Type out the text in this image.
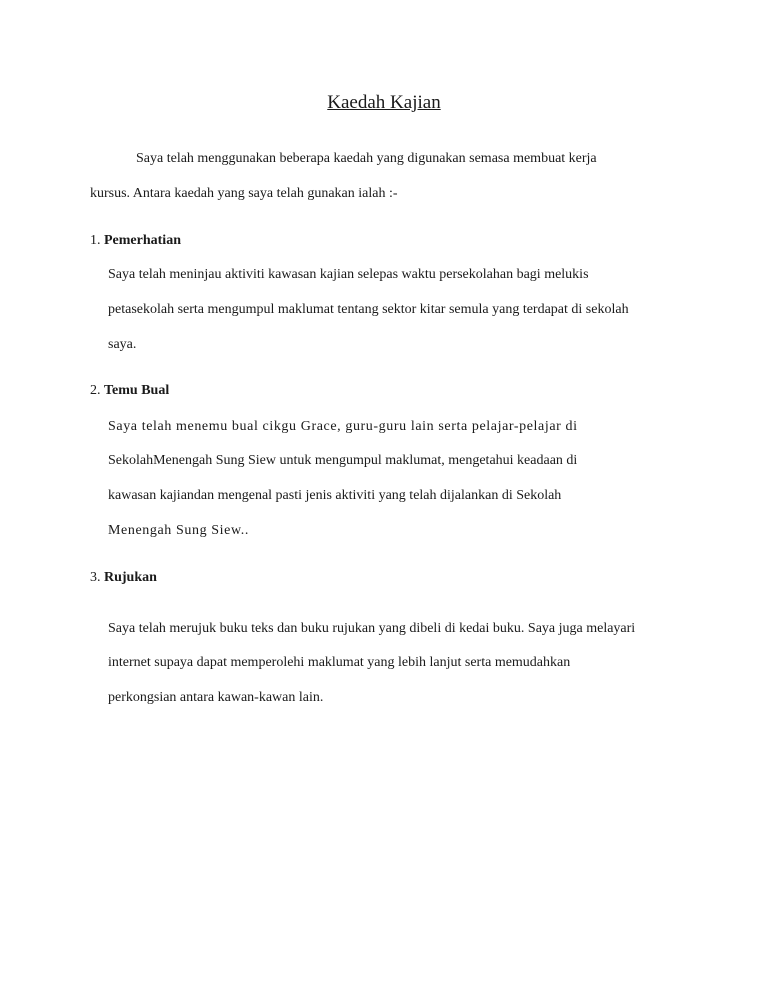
Kaedah Kajian
Saya telah menggunakan beberapa kaedah yang digunakan semasa membuat kerja
kursus. Antara kaedah yang saya telah gunakan ialah :-
1. Pemerhatian
Saya telah meninjau aktiviti kawasan kajian selepas waktu persekolahan bagi melukis
petasekolah serta mengumpul maklumat tentang sektor kitar semula yang terdapat di sekolah
saya.
2. Temu Bual
Saya telah menemu bual cikgu Grace, guru-guru lain serta pelajar-pelajar di
SekolahMenengah Sung Siew untuk mengumpul maklumat, mengetahui keadaan di
kawasan kajiandan mengenal pasti jenis aktiviti yang telah dijalankan di Sekolah
Menengah Sung Siew..
3. Rujukan
Saya telah merujuk buku teks dan buku rujukan yang dibeli di kedai buku. Saya juga melayari
internet supaya dapat memperolehi maklumat yang lebih lanjut serta memudahkan
perkongsian antara kawan-kawan lain.
